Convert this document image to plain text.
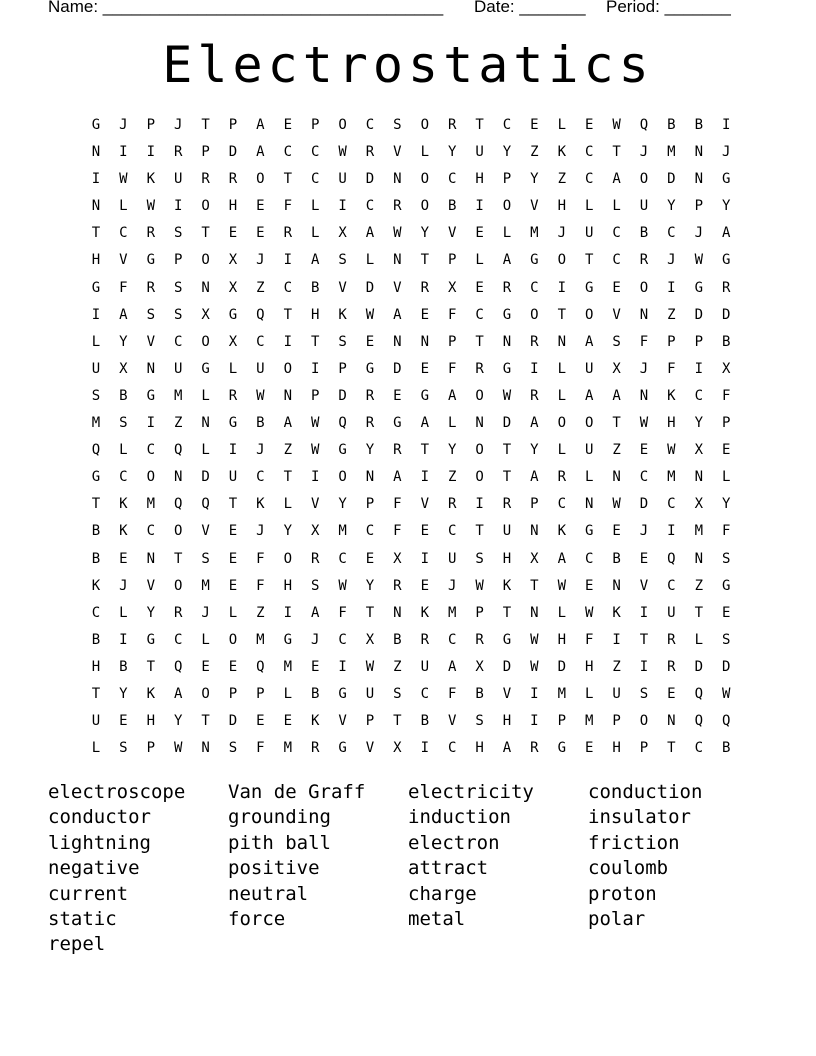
Name: ____________________________________ Date: _______ Period: _______
Electrostatics
G	J	P	J	T	P	A	E	P	O	C	S	O	R	T	C	E	L	E	W	Q	B	B	I
N	I	I	R	P	D	A	C	C	W	R	V	L	Y	U	Y	Z	K	C	T	J	M	N	J
I	W	K	U	R	R	O	T	C	U	D	N	O	C	H	P	Y	Z	C	A	O	D	N	G
N	L	W	I	O	H	E	F	L	I	C	R	O	B	I	O	V	H	L	L	U	Y	P	Y
T	C	R	S	T	E	E	R	L	X	A	W	Y	V	E	L	M	J	U	C	B	C	J	A
H	V	G	P	O	X	J	I	A	S	L	N	T	P	L	A	G	O	T	C	R	J	W	G
G	F	R	S	N	X	Z	C	B	V	D	V	R	X	E	R	C	I	G	E	O	I	G	R
I	A	S	S	X	G	Q	T	H	K	W	A	E	F	C	G	O	T	O	V	N	Z	D	D
L	Y	V	C	O	X	C	I	T	S	E	N	N	P	T	N	R	N	A	S	F	P	P	B
U	X	N	U	G	L	U	O	I	P	G	D	E	F	R	G	I	L	U	X	J	F	I	X
S	B	G	M	L	R	W	N	P	D	R	E	G	A	O	W	R	L	A	A	N	K	C	F
M	S	I	Z	N	G	B	A	W	Q	R	G	A	L	N	D	A	O	O	T	W	H	Y	P
Q	L	C	Q	L	I	J	Z	W	G	Y	R	T	Y	O	T	Y	L	U	Z	E	W	X	E
G	C	O	N	D	U	C	T	I	O	N	A	I	Z	O	T	A	R	L	N	C	M	N	L
T	K	M	Q	Q	T	K	L	V	Y	P	F	V	R	I	R	P	C	N	W	D	C	X	Y
B	K	C	O	V	E	J	Y	X	M	C	F	E	C	T	U	N	K	G	E	J	I	M	F
B	E	N	T	S	E	F	O	R	C	E	X	I	U	S	H	X	A	C	B	E	Q	N	S
K	J	V	O	M	E	F	H	S	W	Y	R	E	J	W	K	T	W	E	N	V	C	Z	G
C	L	Y	R	J	L	Z	I	A	F	T	N	K	M	P	T	N	L	W	K	I	U	T	E
B	I	G	C	L	O	M	G	J	C	X	B	R	C	R	G	W	H	F	I	T	R	L	S
H	B	T	Q	E	E	Q	M	E	I	W	Z	U	A	X	D	W	D	H	Z	I	R	D	D
T	Y	K	A	O	P	P	L	B	G	U	S	C	F	B	V	I	M	L	U	S	E	Q	W
U	E	H	Y	T	D	E	E	K	V	P	T	B	V	S	H	I	P	M	P	O	N	Q	Q
L	S	P	W	N	S	F	M	R	G	V	X	I	C	H	A	R	G	E	H	P	T	C	B
electroscope	Van de Graff	electricity	conduction
conductor	grounding	induction	insulator
lightning	pith ball	electron	friction
negative	positive	attract	coulomb
current	neutral	charge	proton
static	force	metal	polar
repel
